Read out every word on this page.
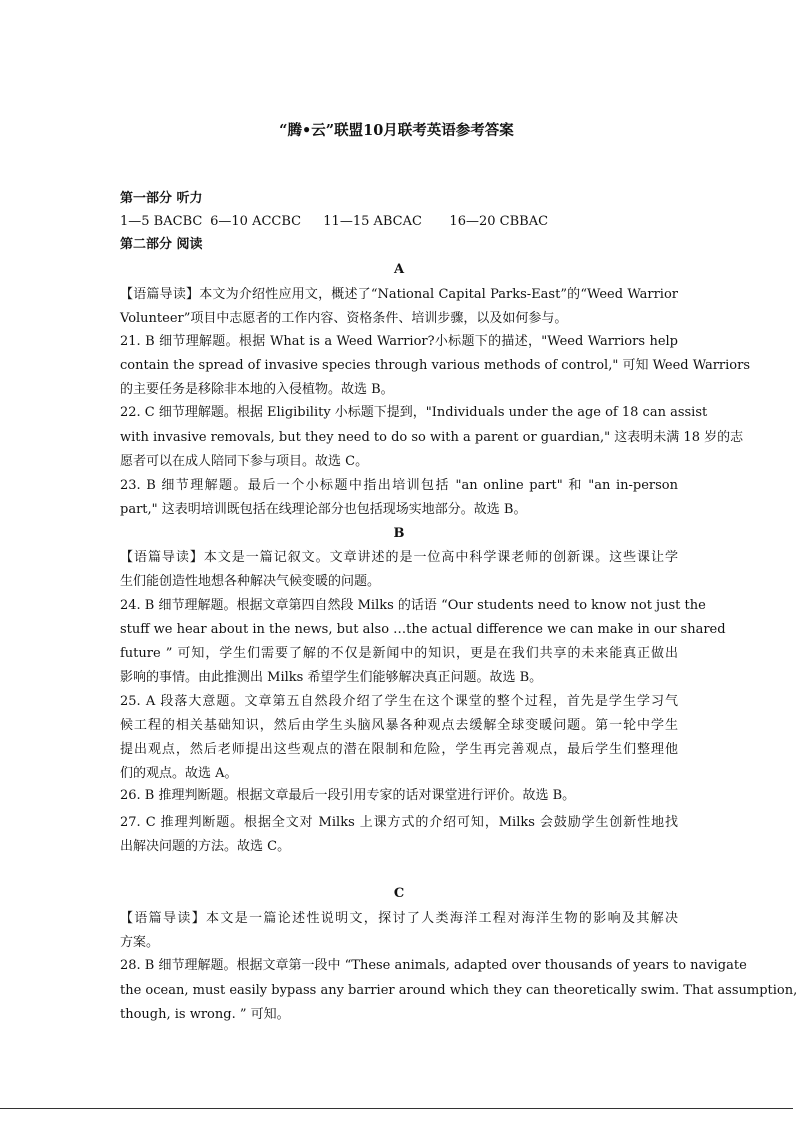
“腾•云”联盟10月联考英语参考答案
第一部分 听力
1—5 BACBC 6—10 ACCBC 11—15 ABCAC 16—20 CBBAC
第二部分 阅读
A
【语篇导读】本文为介绍性应用文，概述了“National Capital Parks-East”的“Weed Warrior
Volunteer”项目中志愿者的工作内容、资格条件、培训步骤，以及如何参与。
21. B 细节理解题。根据 What is a Weed Warrior?小标题下的描述，"Weed Warriors help
contain the spread of invasive species through various methods of control," 可知 Weed Warriors
的主要任务是移除非本地的入侵植物。故选 B。
22. C 细节理解题。根据 Eligibility 小标题下提到，"Individuals under the age of 18 can assist
with invasive removals, but they need to do so with a parent or guardian," 这表明未满 18 岁的志
愿者可以在成人陪同下参与项目。故选 C。
23. B 细节理解题。最后一个小标题中指出培训包括 "an online part" 和 "an in-person
part," 这表明培训既包括在线理论部分也包括现场实地部分。故选 B。
B
【语篇导读】本文是一篇记叙文。文章讲述的是一位高中科学课老师的创新课。这些课让学
生们能创造性地想各种解决气候变暖的问题。
24. B 细节理解题。根据文章第四自然段 Milks 的话语 “Our students need to know not just the
stuff we hear about in the news, but also …the actual difference we can make in our shared
future ” 可知，学生们需要了解的不仅是新闻中的知识，更是在我们共享的未来能真正做出
影响的事情。由此推测出 Milks 希望学生们能够解决真正问题。故选 B。
25. A 段落大意题。文章第五自然段介绍了学生在这个课堂的整个过程，首先是学生学习气
候工程的相关基础知识，然后由学生头脑风暴各种观点去缓解全球变暖问题。第一轮中学生
提出观点，然后老师提出这些观点的潜在限制和危险，学生再完善观点，最后学生们整理他
们的观点。故选 A。
26. B 推理判断题。根据文章最后一段引用专家的话对课堂进行评价。故选 B。
27. C 推理判断题。根据全文对 Milks 上课方式的介绍可知，Milks 会鼓励学生创新性地找
出解决问题的方法。故选 C。
C
【语篇导读】本文是一篇论述性说明文，探讨了人类海洋工程对海洋生物的影响及其解决
方案。
28. B 细节理解题。根据文章第一段中 “These animals, adapted over thousands of years to navigate
the ocean, must easily bypass any barrier around which they can theoretically swim. That assumption,
though, is wrong. ” 可知。
